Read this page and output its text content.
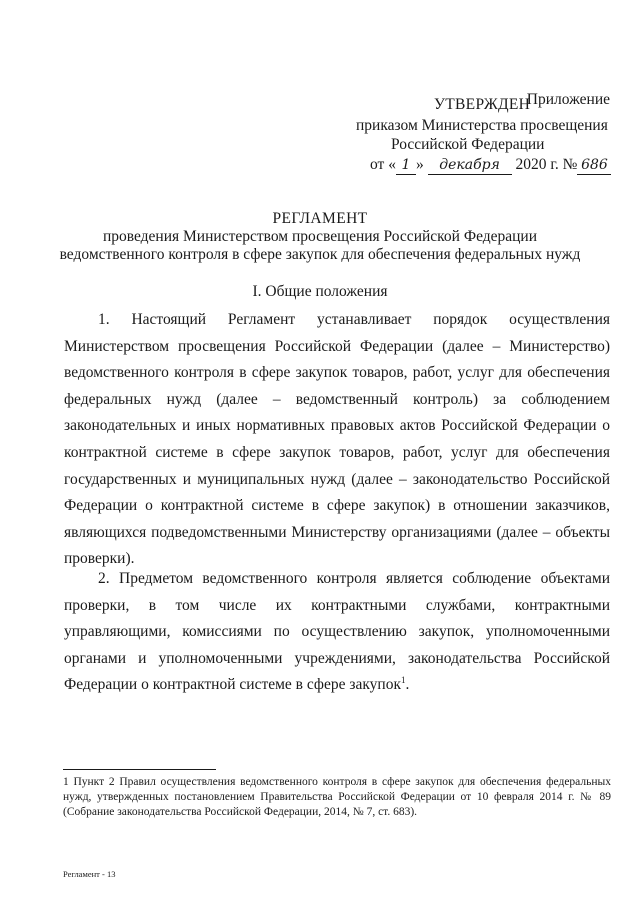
Приложение
УТВЕРЖДЕН
приказом Министерства просвещения
Российской Федерации
от « 1 » декабря 2020 г. № 686
РЕГЛАМЕНТ
проведения Министерством просвещения Российской Федерации
ведомственного контроля в сфере закупок для обеспечения федеральных нужд
I. Общие положения

1. Настоящий Регламент устанавливает порядок осуществления Министерством просвещения Российской Федерации (далее – Министерство) ведомственного контроля в сфере закупок товаров, работ, услуг для обеспечения федеральных нужд (далее – ведомственный контроль) за соблюдением законодательных и иных нормативных правовых актов Российской Федерации о контрактной системе в сфере закупок товаров, работ, услуг для обеспечения государственных и муниципальных нужд (далее – законодательство Российской Федерации о контрактной системе в сфере закупок) в отношении заказчиков, являющихся подведомственными Министерству организациями (далее – объекты проверки).

2. Предметом ведомственного контроля является соблюдение объектами проверки, в том числе их контрактными службами, контрактными управляющими, комиссиями по осуществлению закупок, уполномоченными органами и уполномоченными учреждениями, законодательства Российской Федерации о контрактной системе в сфере закупок$^1$.

1 Пункт 2 Правил осуществления ведомственного контроля в сфере закупок для обеспечения федеральных нужд, утвержденных постановлением Правительства Российской Федерации от 10 февраля 2014 г. № 89 (Собрание законодательства Российской Федерации, 2014, № 7, ст. 683).

Регламент - 13
